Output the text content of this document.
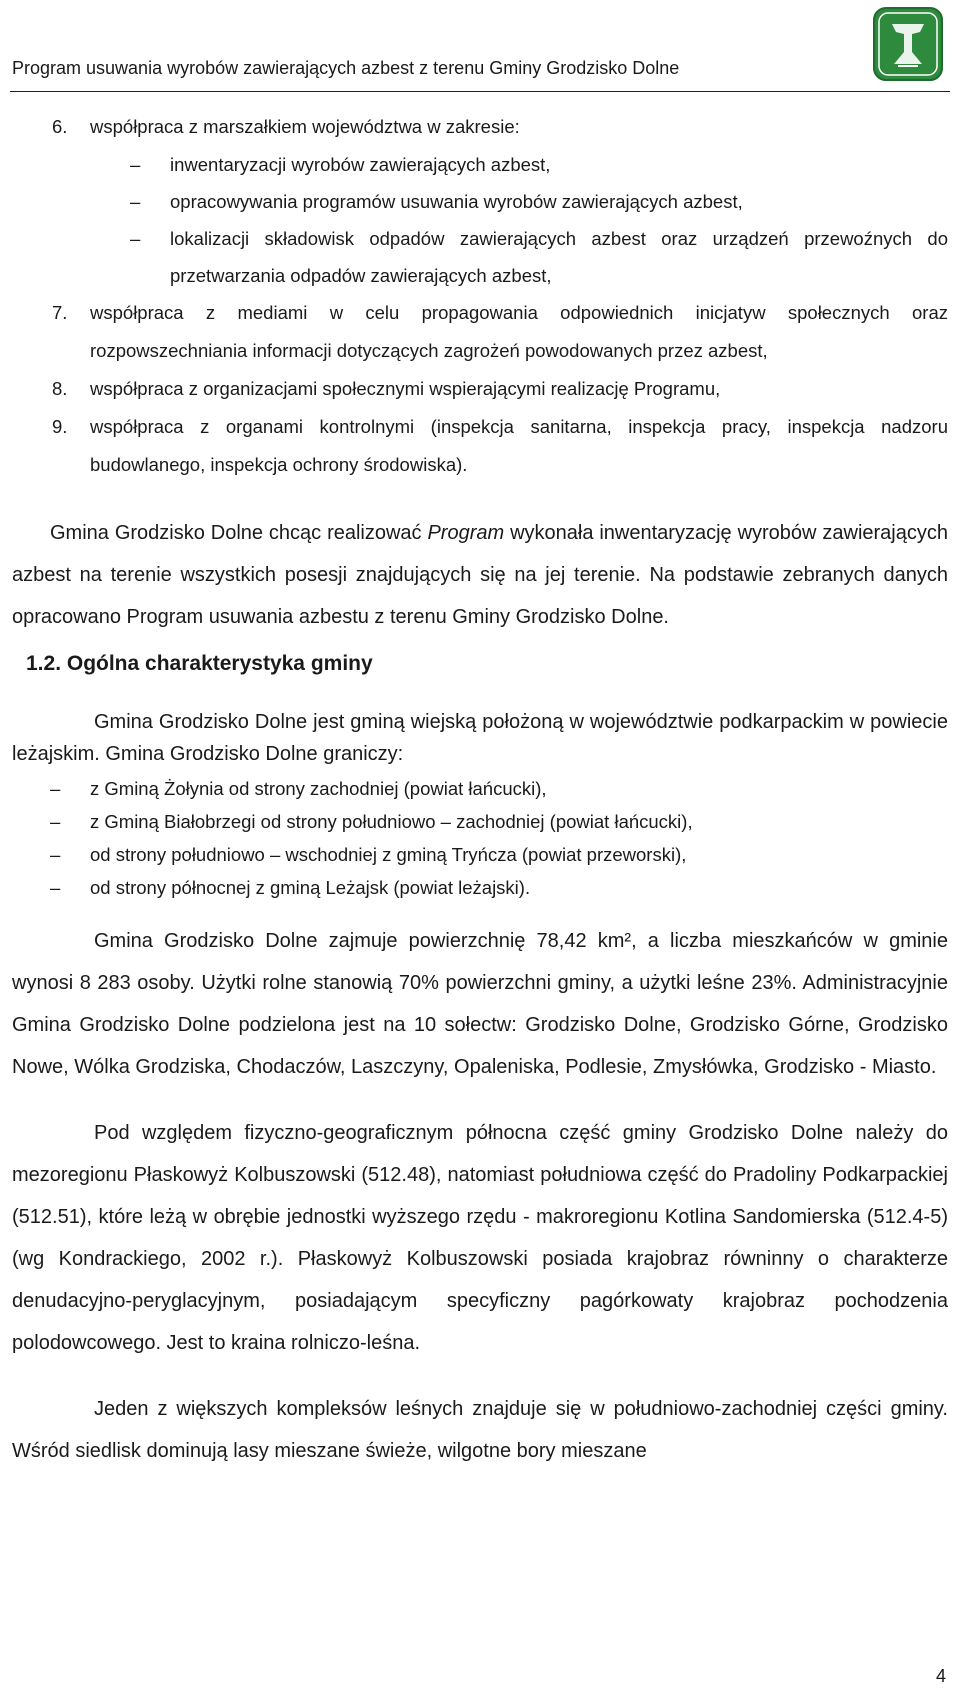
Program usuwania wyrobów zawierających azbest z terenu Gminy Grodzisko Dolne
6. współpraca z marszałkiem województwa w zakresie:
– inwentaryzacji wyrobów zawierających azbest,
– opracowywania programów usuwania wyrobów zawierających azbest,
– lokalizacji składowisk odpadów zawierających azbest oraz urządzeń przewoźnych do przetwarzania odpadów zawierających azbest,
7. współpraca z mediami w celu propagowania odpowiednich inicjatyw społecznych oraz rozpowszechniania informacji dotyczących zagrożeń powodowanych przez azbest,
8. współpraca z organizacjami społecznymi wspierającymi realizację Programu,
9. współpraca z organami kontrolnymi (inspekcja sanitarna, inspekcja pracy, inspekcja nadzoru budowlanego, inspekcja ochrony środowiska).

Gmina Grodzisko Dolne chcąc realizować Program wykonała inwentaryzację wyrobów zawierających azbest na terenie wszystkich posesji znajdujących się na jej terenie. Na podstawie zebranych danych opracowano Program usuwania azbestu z terenu Gminy Grodzisko Dolne.

1.2. Ogólna charakterystyka gminy

Gmina Grodzisko Dolne jest gminą wiejską położoną w województwie podkarpackim w powiecie leżajskim. Gmina Grodzisko Dolne graniczy:

– z Gminą Żołynia od strony zachodniej (powiat łańcucki),
– z Gminą Białobrzegi od strony południowo – zachodniej (powiat łańcucki),
– od strony południowo – wschodniej z gminą Tryńcza (powiat przeworski),
– od strony północnej z gminą Leżajsk (powiat leżajski).

Gmina Grodzisko Dolne zajmuje powierzchnię 78,42 km², a liczba mieszkańców w gminie wynosi 8 283 osoby. Użytki rolne stanowią 70% powierzchni gminy, a użytki leśne 23%. Administracyjnie Gmina Grodzisko Dolne podzielona jest na 10 sołectw: Grodzisko Dolne, Grodzisko Górne, Grodzisko Nowe, Wólka Grodziska, Chodaczów, Laszczyny, Opaleniska, Podlesie, Zmysłówka, Grodzisko - Miasto.

Pod względem fizyczno-geograficznym północna część gminy Grodzisko Dolne należy do mezoregionu Płaskowyż Kolbuszowski (512.48), natomiast południowa część do Pradoliny Podkarpackiej (512.51), które leżą w obrębie jednostki wyższego rzędu - makroregionu Kotlina Sandomierska (512.4-5) (wg Kondrackiego, 2002 r.). Płaskowyż Kolbuszowski posiada krajobraz równinny o charakterze denudacyjno-peryglacyjnym, posiadającym specyficzny pagórkowaty krajobraz pochodzenia polodowcowego. Jest to kraina rolniczo-leśna.

Jeden z większych kompleksów leśnych znajduje się w południowo-zachodniej części gminy. Wśród siedlisk dominują lasy mieszane świeże, wilgotne bory mieszane

4
